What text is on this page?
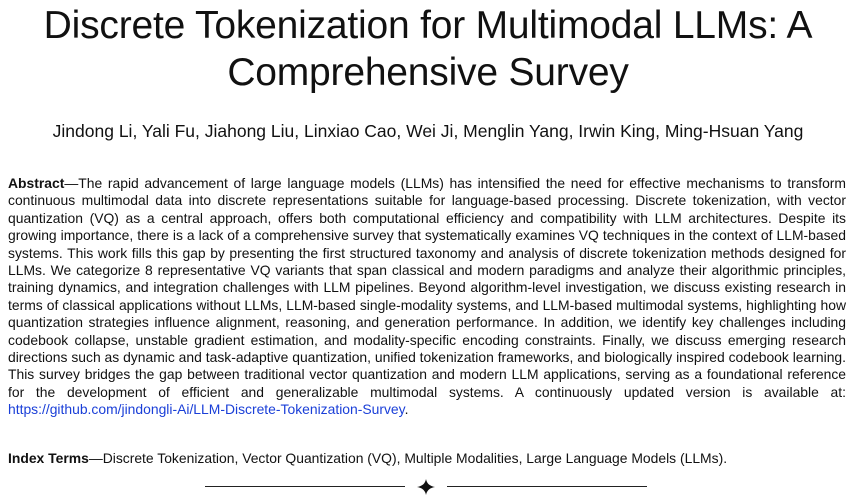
Discrete Tokenization for Multimodal LLMs: A Comprehensive Survey

Jindong Li, Yali Fu, Jiahong Liu, Linxiao Cao, Wei Ji, Menglin Yang, Irwin King, Ming-Hsuan Yang

Abstract—The rapid advancement of large language models (LLMs) has intensified the need for effective mechanisms to transform continuous multimodal data into discrete representations suitable for language-based processing. Discrete tokenization, with vector quantization (VQ) as a central approach, offers both computational efficiency and compatibility with LLM architectures. Despite its growing importance, there is a lack of a comprehensive survey that systematically examines VQ techniques in the context of LLM-based systems. This work fills this gap by presenting the first structured taxonomy and analysis of discrete tokenization methods designed for LLMs. We categorize 8 representative VQ variants that span classical and modern paradigms and analyze their algorithmic principles, training dynamics, and integration challenges with LLM pipelines. Beyond algorithm-level investigation, we discuss existing research in terms of classical applications without LLMs, LLM-based single-modality systems, and LLM-based multimodal systems, highlighting how quantization strategies influence alignment, reasoning, and generation performance. In addition, we identify key challenges including codebook collapse, unstable gradient estimation, and modality-specific encoding constraints. Finally, we discuss emerging research directions such as dynamic and task-adaptive quantization, unified tokenization frameworks, and biologically inspired codebook learning. This survey bridges the gap between traditional vector quantization and modern LLM applications, serving as a foundational reference for the development of efficient and generalizable multimodal systems. A continuously updated version is available at: https://github.com/jindongli-Ai/LLM-Discrete-Tokenization-Survey.

Index Terms—Discrete Tokenization, Vector Quantization (VQ), Multiple Modalities, Large Language Models (LLMs).
